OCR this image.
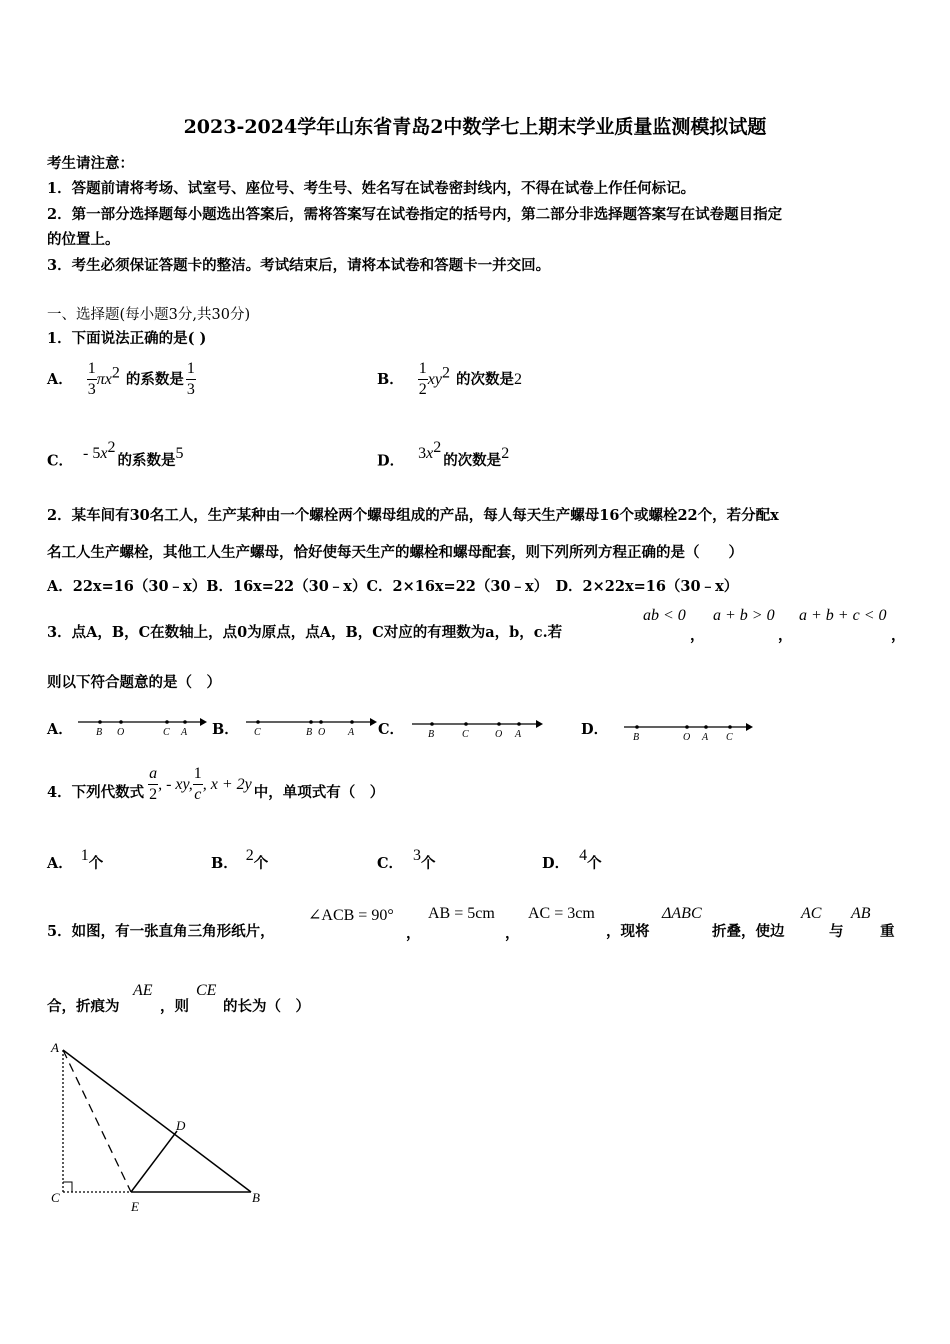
2023-2024学年山东省青岛2中数学七上期末学业质量监测模拟试题
考生请注意：
1．答题前请将考场、试室号、座位号、考生号、姓名写在试卷密封线内，不得在试卷上作任何标记。
2．第一部分选择题每小题选出答案后，需将答案写在试卷指定的括号内，第二部分非选择题答案写在试卷题目指定
的位置上。
3．考生必须保证答题卡的整洁。考试结束后，请将本试卷和答题卡一并交回。
一、选择题(每小题3分,共30分)
1．下面说法正确的是( )
A． $\frac{1}{3} \pi x^2$ 的系数是 $\frac{1}{3}$	B． $\frac{1}{2} xy^2$ 的次数是2
C． - $5x^2$的系数是5	D． $3x^2$的次数是2
2．某车间有30名工人，生产某种由一个螺栓两个螺母组成的产品，每人每天生产螺母16个或螺栓22个，若分配x
名工人生产螺栓，其他工人生产螺母，恰好使每天生产的螺栓和螺母配套，则下列所列方程正确的是（　　）
A．22x=16（30﹣x）B．16x=22（30﹣x）C．2×16x=22（30﹣x）　D．2×22x=16（30﹣x）
3．点A，B，C在数轴上，点0为原点，点A，B，C对应的有理数为a，b，c.若
ab < 0
，
a + b > 0
，
a + b + c < 0
，
则以下符合题意的是（　）
A． B O	C A B． C	B O A C． B	C	O A	D． B	O A C
4．下列代数式 $\frac{a}{2}$ , - xy, $\frac{1}{c}$ , x + 2y 中，单项式有（　）
A． 1个	B． 2个	C． 3个	D． 4个
5．如图，有一张直角三角形纸片，
∠ACB = 90°
，
AB = 5cm
，
AC = 3cm
，现将
ΔABC
折叠，使边
AC
与
AB
重
合，折痕为
AE
，则
CE
的长为（　）
A
D
C
E
B
